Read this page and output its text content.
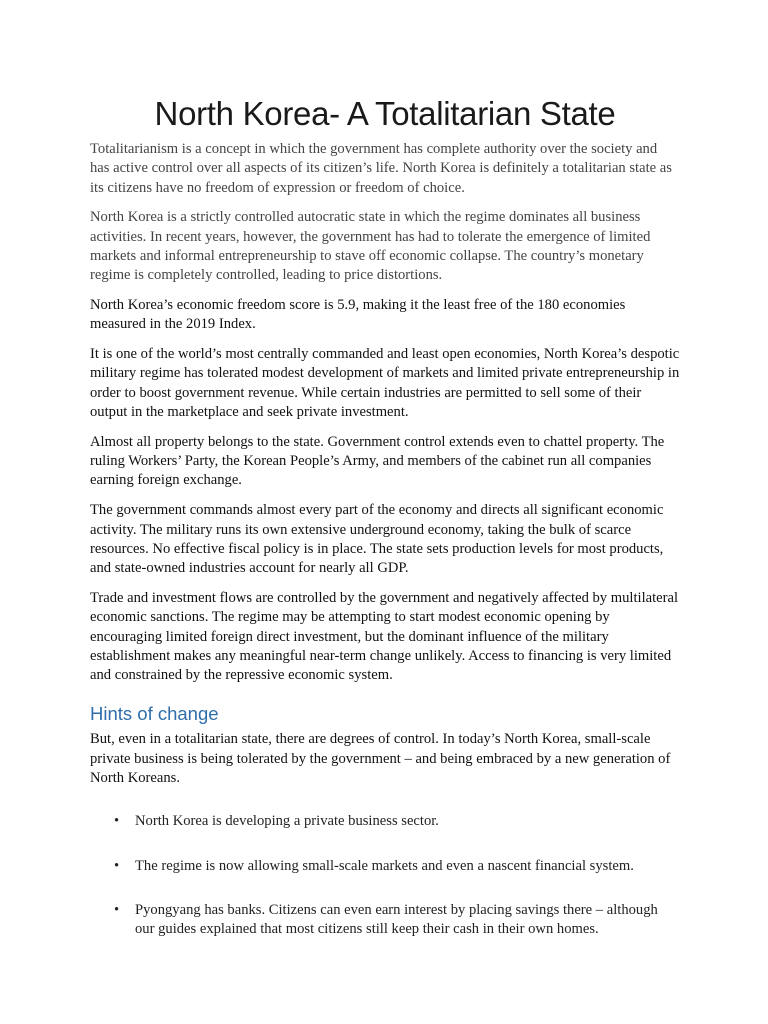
North Korea- A Totalitarian State

Totalitarianism is a concept in which the government has complete authority over the society and has active control over all aspects of its citizen’s life. North Korea is definitely a totalitarian state as its citizens have no freedom of expression or freedom of choice.

North Korea is a strictly controlled autocratic state in which the regime dominates all business activities. In recent years, however, the government has had to tolerate the emergence of limited markets and informal entrepreneurship to stave off economic collapse. The country’s monetary regime is completely controlled, leading to price distortions.

North Korea’s economic freedom score is 5.9, making it the least free of the 180 economies measured in the 2019 Index.

It is one of the world’s most centrally commanded and least open economies, North Korea’s despotic military regime has tolerated modest development of markets and limited private entrepreneurship in order to boost government revenue. While certain industries are permitted to sell some of their output in the marketplace and seek private investment.

Almost all property belongs to the state. Government control extends even to chattel property. The ruling Workers’ Party, the Korean People’s Army, and members of the cabinet run all companies earning foreign exchange.

The government commands almost every part of the economy and directs all significant economic activity. The military runs its own extensive underground economy, taking the bulk of scarce resources. No effective fiscal policy is in place. The state sets production levels for most products, and state-owned industries account for nearly all GDP.

Trade and investment flows are controlled by the government and negatively affected by multilateral economic sanctions. The regime may be attempting to start modest economic opening by encouraging limited foreign direct investment, but the dominant influence of the military establishment makes any meaningful near-term change unlikely. Access to financing is very limited and constrained by the repressive economic system.

Hints of change

But, even in a totalitarian state, there are degrees of control. In today’s North Korea, small-scale private business is being tolerated by the government – and being embraced by a new generation of North Koreans.

• North Korea is developing a private business sector.
• The regime is now allowing small-scale markets and even a nascent financial system.
• Pyongyang has banks. Citizens can even earn interest by placing savings there – although our guides explained that most citizens still keep their cash in their own homes.
